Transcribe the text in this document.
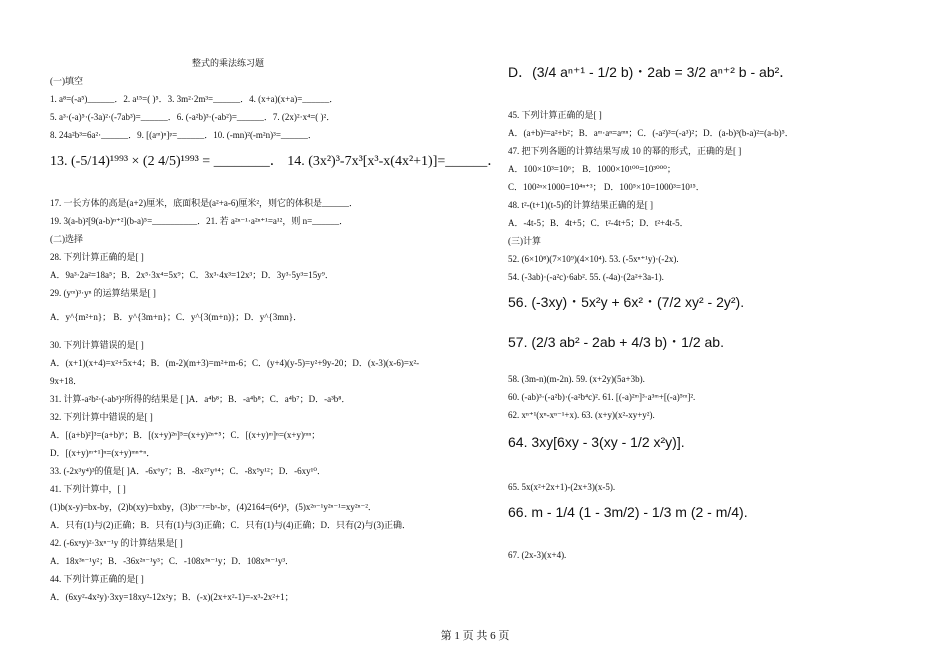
整式的乘法练习题
(一)填空
1. a⁸=(-a⁵)______．2. a¹⁵=( )⁵．3. 3m²·2m³=______．4. (x+a)(x+a)=______．
5. a³·(-a)⁵·(-3a)²·(-7ab³)=______．6. (-a²b)³·(-ab²)=______．7. (2x)²·x⁴=( )²．
8. 24a²b³=6a²·______．9. [(aᵐ)ⁿ]ᵖ=______．10. (-mn)²(-m²n)³=______．
13. (-5/14)¹⁹⁹³ × (2 4/5)¹⁹⁹³ = ________． 14. (3x²)³-7x³[x³-x(4x²+1)]=______．
17. 一长方体的高是(a+2)厘米，底面积是(a²+a-6)厘米²，则它的体积是______．
19. 3(a-b)²[9(a-b)ⁿ⁺²](b-a)⁵=__________．21. 若 a²ⁿ⁻¹·a²ⁿ⁺¹=a¹²，则 n=______．
(二)选择
28. 下列计算正确的是[ ]
A．9a³·2a²=18a⁵；B．2x⁵·3x⁴=5x⁹；C．3x³·4x³=12x³；D．3y³·5y³=15y⁹．
29. (yᵐ)³·yⁿ 的运算结果是[ ]
A．y^{m²+n}； B．y^{3m+n}；C．y^{3(m+n)}；D．y^{3mn}．
30. 下列计算错误的是[ ]
A．(x+1)(x+4)=x²+5x+4；B．(m-2)(m+3)=m²+m-6；C．(y+4)(y-5)=y²+9y-20；D．(x-3)(x-6)=x²-
9x+18．
31. 计算-a²b²·(-ab³)²所得的结果是 [ ]A．a⁴b⁸；B．-a⁴b⁸；C．a⁴b⁷；D．-a³b⁸．
32. 下列计算中错误的是[ ]
A．[(a+b)²]³=(a+b)⁶；B．[(x+y)²ⁿ]⁵=(x+y)²ⁿ⁺⁵；C．[(x+y)ᵐ]ⁿ=(x+y)ᵐⁿ；
D．[(x+y)ᵐ⁺¹]ⁿ=(x+y)ᵐⁿ⁺ⁿ．
33. (-2x³y⁴)³的值是[ ]A．-6x⁶y⁷；B．-8x²⁷y⁶⁴；C．-8x⁹y¹²；D．-6xy¹⁰．
41. 下列计算中，[ ]
(1)b(x-y)=bx-by，(2)b(xy)=bxby，(3)bˣ⁻ʸ=bˣ-bʸ，(4)2164=(6⁴)³，(5)x²ⁿ⁻¹y²ⁿ⁻¹=xy²ⁿ⁻²．
A．只有(1)与(2)正确；B．只有(1)与(3)正确；C．只有(1)与(4)正确；D．只有(2)与(3)正确．
42. (-6xⁿy)²·3xⁿ⁻¹y 的计算结果是[ ]
A．18x³ⁿ⁻¹y²；B．-36x²ⁿ⁻¹y³；C．-108x³ⁿ⁻¹y；D．108x³ⁿ⁻¹y³．
44. 下列计算正确的是[ ]
A．(6xy²-4x²y)·3xy=18xy²-12x²y；B．(-x)(2x+x²-1)=-x³-2x²+1；
D．(3/4 aⁿ⁺¹ - 1/2 b)・2ab = 3/2 aⁿ⁺² b - ab²．
45. 下列计算正确的是[ ]
A．(a+b)²=a²+b²；B．aᵐ·aⁿ=aᵐⁿ；C．(-a²)³=(-a³)²；D．(a-b)³(b-a)²=(a-b)⁵．
47. 把下列各题的计算结果写成 10 的幂的形式，正确的是[ ]
A．100×10³=10⁶； B．1000×10¹⁰⁰=10³⁰⁰⁰；
C．100²ⁿ×1000=10⁴ⁿ⁺³； D．100⁵×10=1000³=10¹⁵．
48. t²-(t+1)(t-5)的计算结果正确的是[ ]
A．-4t-5；B．4t+5；C．t²-4t+5；D．t²+4t-5．
(三)计算
52. (6×10⁸)(7×10⁹)(4×10⁴). 53. (-5xⁿ⁺¹y)·(-2x).
54. (-3ab)·(-a²c)·6ab². 55. (-4a)·(2a²+3a-1).
56. (-3xy)・5x²y + 6x²・(7/2 xy² - 2y²).
57. (2/3 ab² - 2ab + 4/3 b)・1/2 ab.
58. (3m-n)(m-2n). 59. (x+2y)(5a+3b).
60. (-ab)³·(-a²b)·(-a²b⁴c)². 61. [(-a)²ᵐ]³·a³ᵐ+[(-a)⁵ᵐ]².
62. xⁿ⁺¹(xⁿ-xⁿ⁻¹+x). 63. (x+y)(x²-xy+y²).
64. 3xy[6xy - 3(xy - 1/2 x²y)].
65. 5x(x²+2x+1)-(2x+3)(x-5).
66. m - 1/4 (1 - 3m/2) - 1/3 m (2 - m/4).
67. (2x-3)(x+4).
第 1 页 共 6 页
